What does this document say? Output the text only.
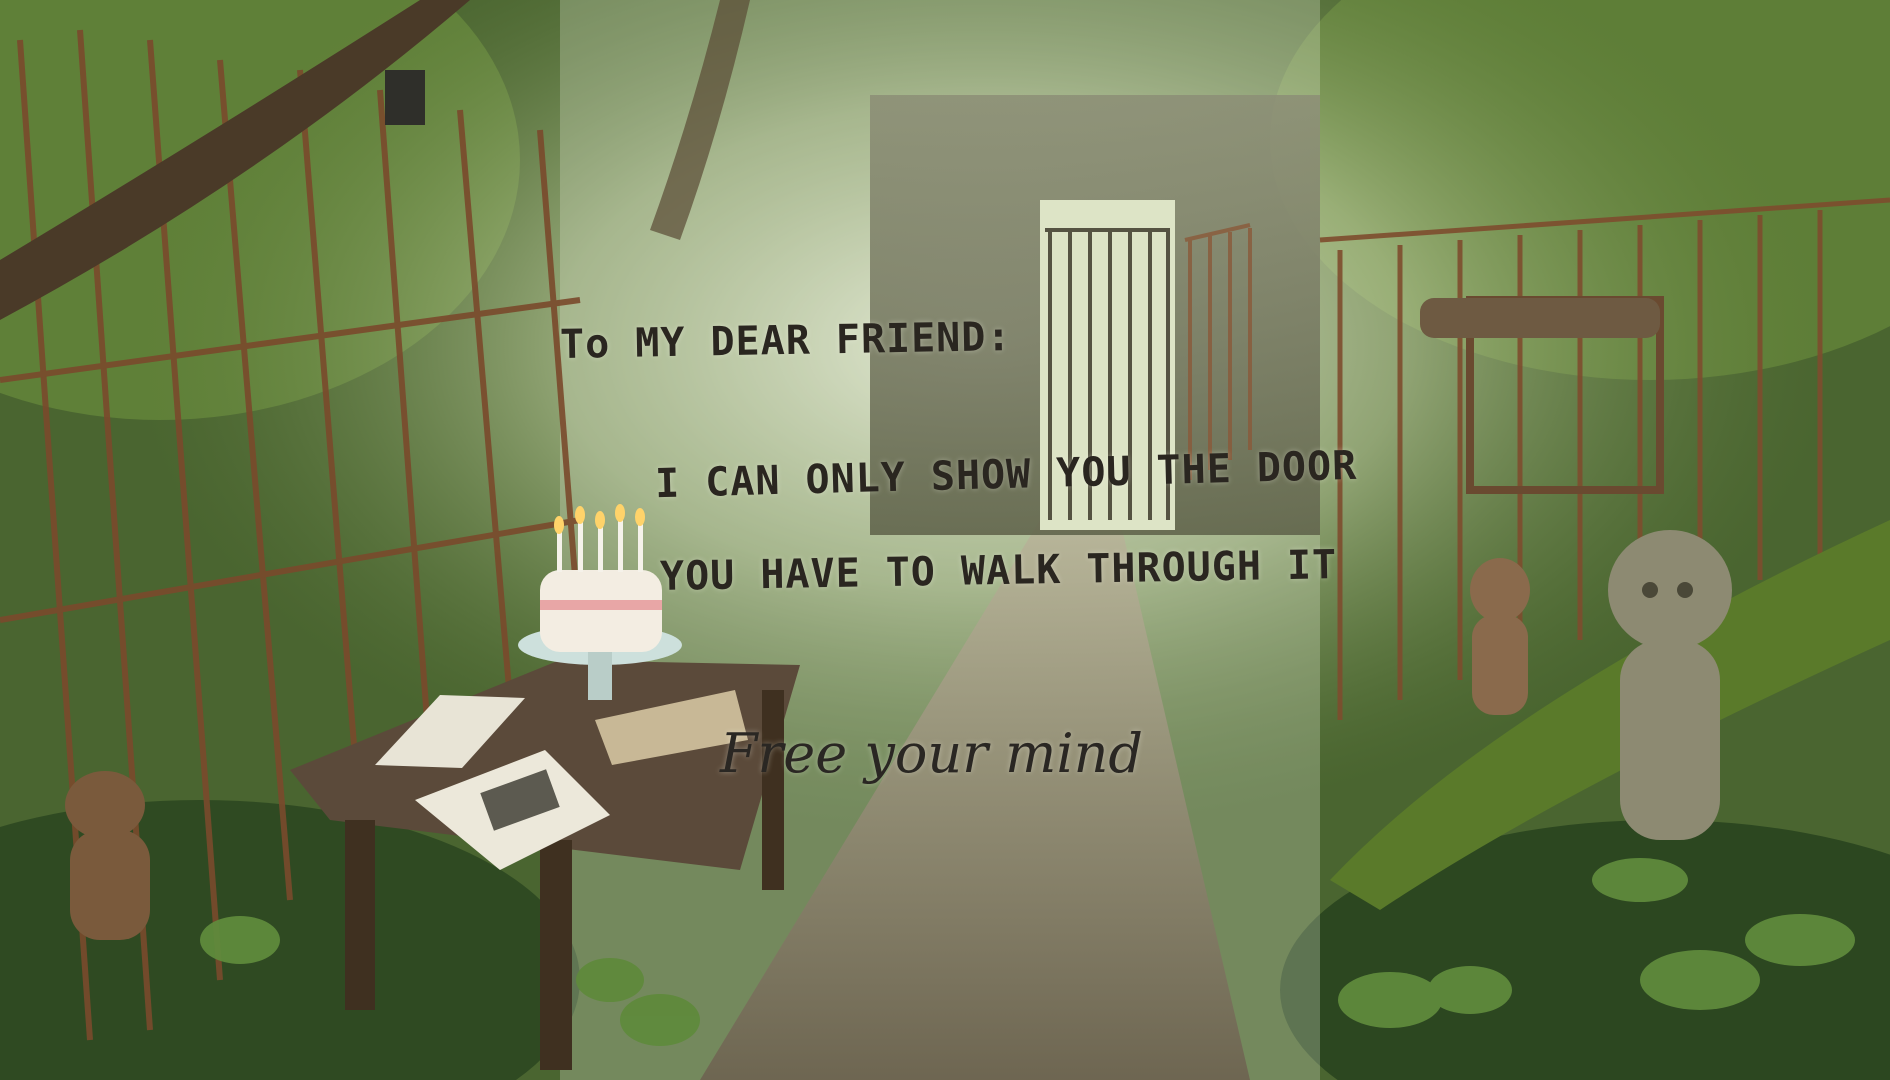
To MY DEAR FRIEND:
I CAN ONLY SHOW YOU THE DOOR
YOU HAVE TO WALK THROUGH IT
Free your mind
